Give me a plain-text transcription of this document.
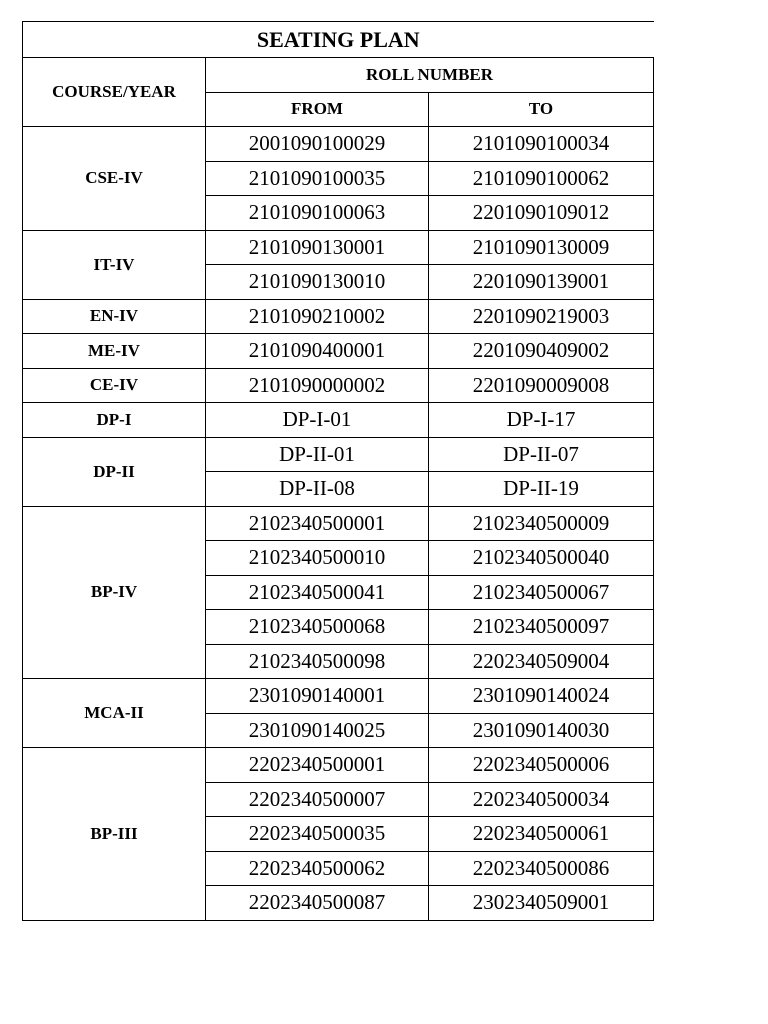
SEATING PLAN		
COURSE/YEAR	ROLL NUMBER	
	FROM	TO
CSE-IV	2001090100029	2101090100034
	2101090100035	2101090100062
	2101090100063	2201090109012
IT-IV	2101090130001	2101090130009
	2101090130010	2201090139001
EN-IV	2101090210002	2201090219003
ME-IV	2101090400001	2201090409002
CE-IV	2101090000002	2201090009008
DP-I	DP-I-01	DP-I-17
DP-II	DP-II-01	DP-II-07
	DP-II-08	DP-II-19
BP-IV	2102340500001	2102340500009
	2102340500010	2102340500040
	2102340500041	2102340500067
	2102340500068	2102340500097
	2102340500098	2202340509004
MCA-II	2301090140001	2301090140024
	2301090140025	2301090140030
BP-III	2202340500001	2202340500006
	2202340500007	2202340500034
	2202340500035	2202340500061
	2202340500062	2202340500086
	2202340500087	2302340509001
